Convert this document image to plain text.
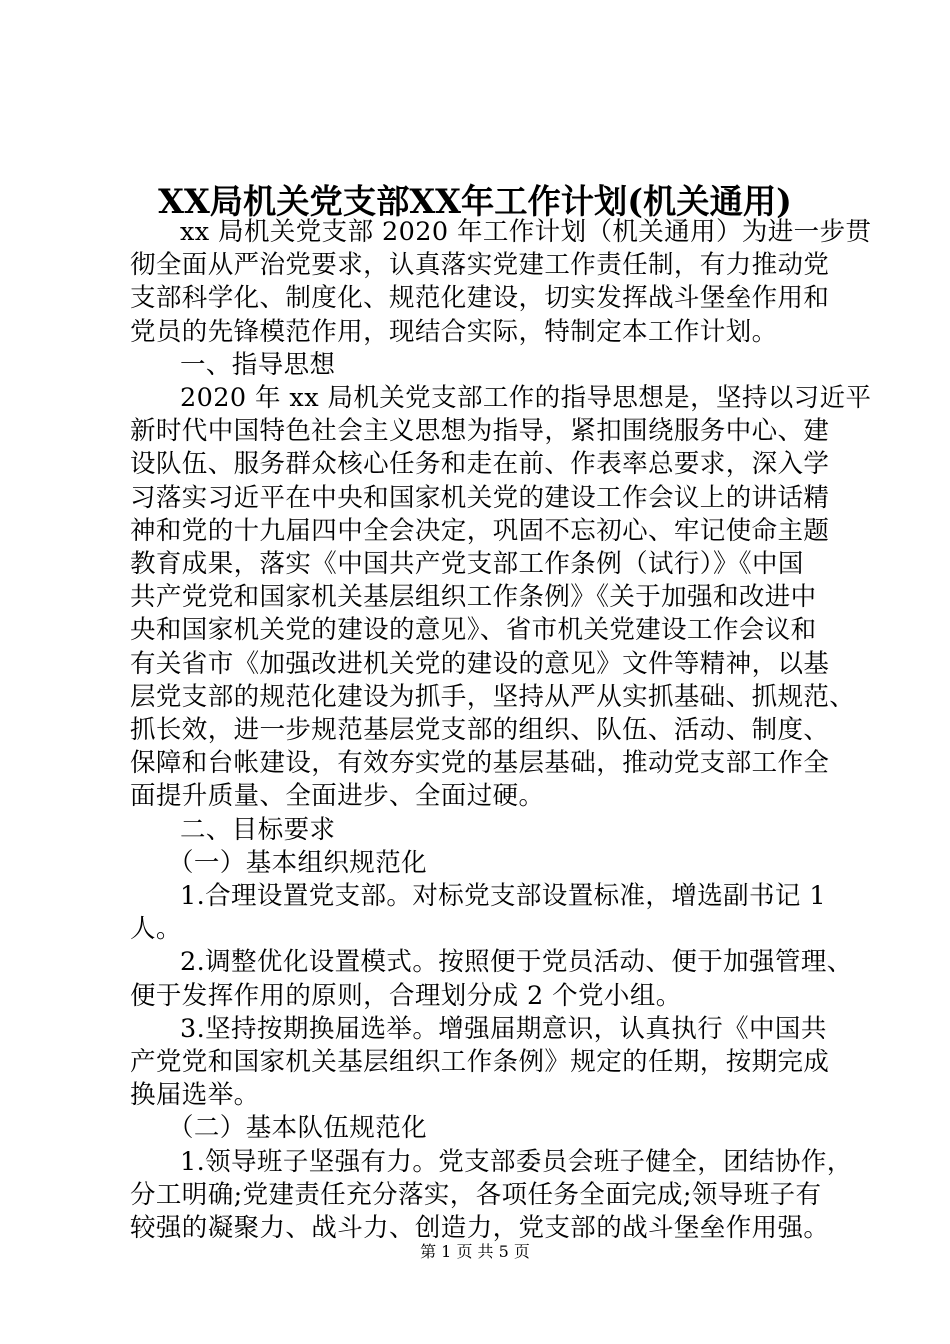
XX局机关党支部XX年工作计划(机关通用)
xx 局机关党支部 2020 年工作计划（机关通用）为进一步贯
彻全面从严治党要求，认真落实党建工作责任制，有力推动党
支部科学化、制度化、规范化建设，切实发挥战斗堡垒作用和
党员的先锋模范作用，现结合实际，特制定本工作计划。
一、指导思想
2020 年 xx 局机关党支部工作的指导思想是，坚持以习近平
新时代中国特色社会主义思想为指导，紧扣围绕服务中心、建
设队伍、服务群众核心任务和走在前、作表率总要求，深入学
习落实习近平在中央和国家机关党的建设工作会议上的讲话精
神和党的十九届四中全会决定，巩固不忘初心、牢记使命主题
教育成果，落实《中国共产党支部工作条例（试行）》《中国
共产党党和国家机关基层组织工作条例》《关于加强和改进中
央和国家机关党的建设的意见》、省市机关党建设工作会议和
有关省市《加强改进机关党的建设的意见》文件等精神，以基
层党支部的规范化建设为抓手，坚持从严从实抓基础、抓规范、
抓长效，进一步规范基层党支部的组织、队伍、活动、制度、
保障和台帐建设，有效夯实党的基层基础，推动党支部工作全
面提升质量、全面进步、全面过硬。
二、目标要求
（一）基本组织规范化
1.合理设置党支部。对标党支部设置标准，增选副书记 1
人。
2.调整优化设置模式。按照便于党员活动、便于加强管理、
便于发挥作用的原则，合理划分成 2 个党小组。
3.坚持按期换届选举。增强届期意识，认真执行《中国共
产党党和国家机关基层组织工作条例》规定的任期，按期完成
换届选举。
（二）基本队伍规范化
1.领导班子坚强有力。党支部委员会班子健全，团结协作，
分工明确;党建责任充分落实，各项任务全面完成;领导班子有
较强的凝聚力、战斗力、创造力，党支部的战斗堡垒作用强。
第 1 页 共 5 页
